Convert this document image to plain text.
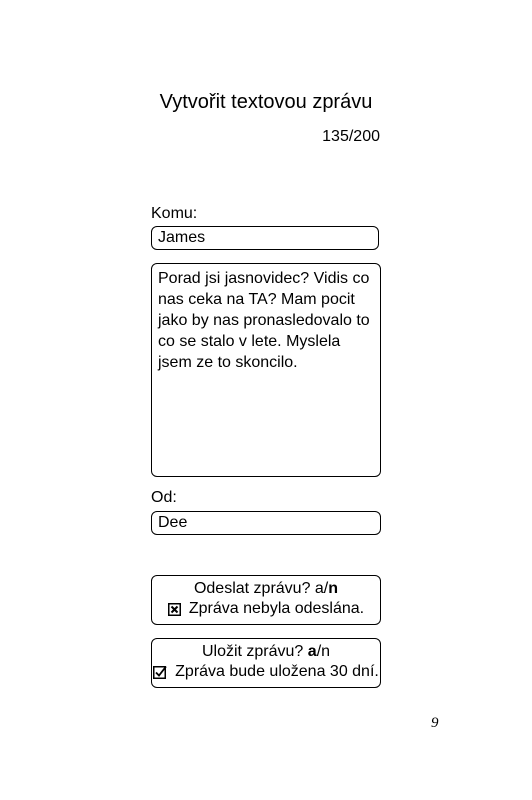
Vytvořit textovou zprávu
135/200
Komu:
James
Porad jsi jasnovidec? Vidis co nas ceka na TA? Mam pocit jako by nas pronasledovalo to co se stalo v lete. Myslela jsem ze to skoncilo.
Od:
Dee
Odeslat zprávu? a/n
Zpráva nebyla odeslána.
Uložit zprávu? a/n
Zpráva bude uložena 30 dní.
9
